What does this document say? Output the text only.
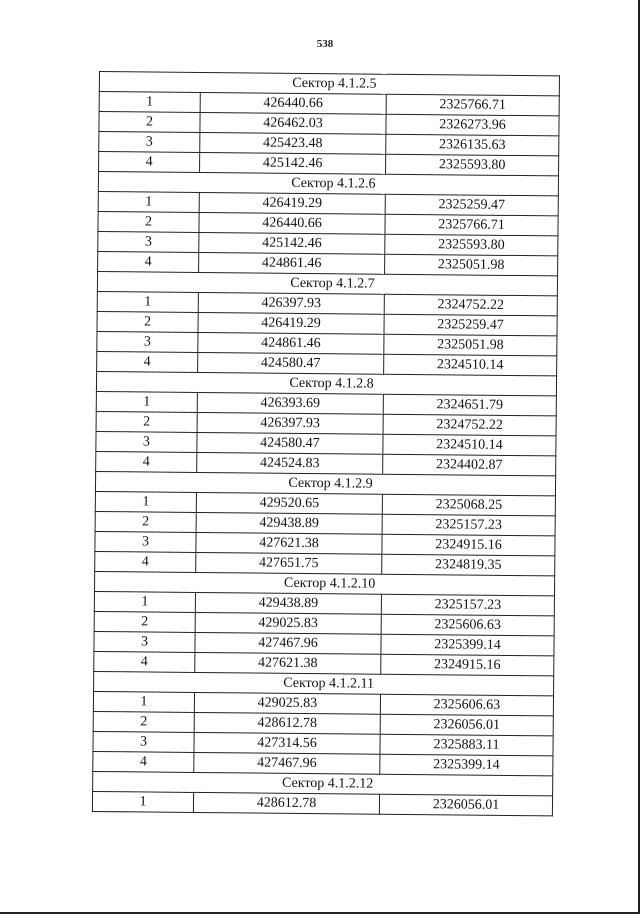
538
Сектор 4.1.2.5		
1	426440.66	2325766.71
2	426462.03	2326273.96
3	425423.48	2326135.63
4	425142.46	2325593.80
Сектор 4.1.2.6		
1	426419.29	2325259.47
2	426440.66	2325766.71
3	425142.46	2325593.80
4	424861.46	2325051.98
Сектор 4.1.2.7		
1	426397.93	2324752.22
2	426419.29	2325259.47
3	424861.46	2325051.98
4	424580.47	2324510.14
Сектор 4.1.2.8		
1	426393.69	2324651.79
2	426397.93	2324752.22
3	424580.47	2324510.14
4	424524.83	2324402.87
Сектор 4.1.2.9		
1	429520.65	2325068.25
2	429438.89	2325157.23
3	427621.38	2324915.16
4	427651.75	2324819.35
Сектор 4.1.2.10		
1	429438.89	2325157.23
2	429025.83	2325606.63
3	427467.96	2325399.14
4	427621.38	2324915.16
Сектор 4.1.2.11		
1	429025.83	2325606.63
2	428612.78	2326056.01
3	427314.56	2325883.11
4	427467.96	2325399.14
Сектор 4.1.2.12		
1	428612.78	2326056.01
